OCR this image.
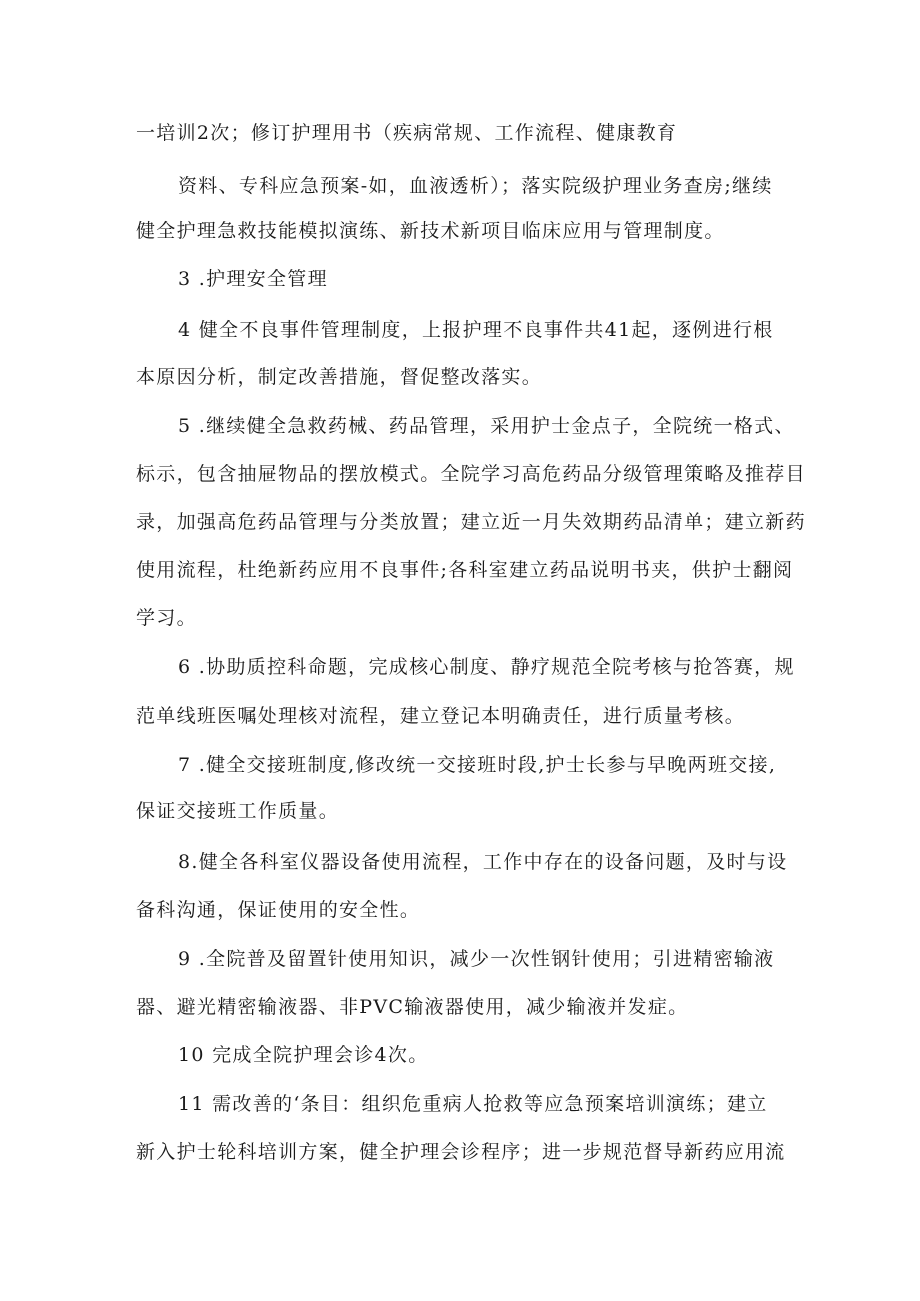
一培训2次；修订护理用书（疾病常规、工作流程、健康教育
资料、专科应急预案-如，血液透析）；落实院级护理业务查房;继续
健全护理急救技能模拟演练、新技术新项目临床应用与管理制度。
3 .护理安全管理
4 健全不良事件管理制度，上报护理不良事件共41起，逐例进行根
本原因分析，制定改善措施，督促整改落实。
5 .继续健全急救药械、药品管理，采用护士金点子，全院统一格式、
标示，包含抽屉物品的摆放模式。全院学习高危药品分级管理策略及推荐目
录，加强高危药品管理与分类放置；建立近一月失效期药品清单；建立新药
使用流程，杜绝新药应用不良事件;各科室建立药品说明书夹，供护士翻阅
学习。
6 .协助质控科命题，完成核心制度、静疗规范全院考核与抢答赛，规
范单线班医嘱处理核对流程，建立登记本明确责任，进行质量考核。
7 .健全交接班制度,修改统一交接班时段,护士长参与早晚两班交接,
保证交接班工作质量。
8.健全各科室仪器设备使用流程，工作中存在的设备问题，及时与设
备科沟通，保证使用的安全性。
9 .全院普及留置针使用知识，减少一次性钢针使用；引进精密输液
器、避光精密输液器、非PVC输液器使用，减少输液并发症。
10 完成全院护理会诊4次。
11 需改善的‘条目：组织危重病人抢救等应急预案培训演练；建立
新入护士轮科培训方案，健全护理会诊程序；进一步规范督导新药应用流
